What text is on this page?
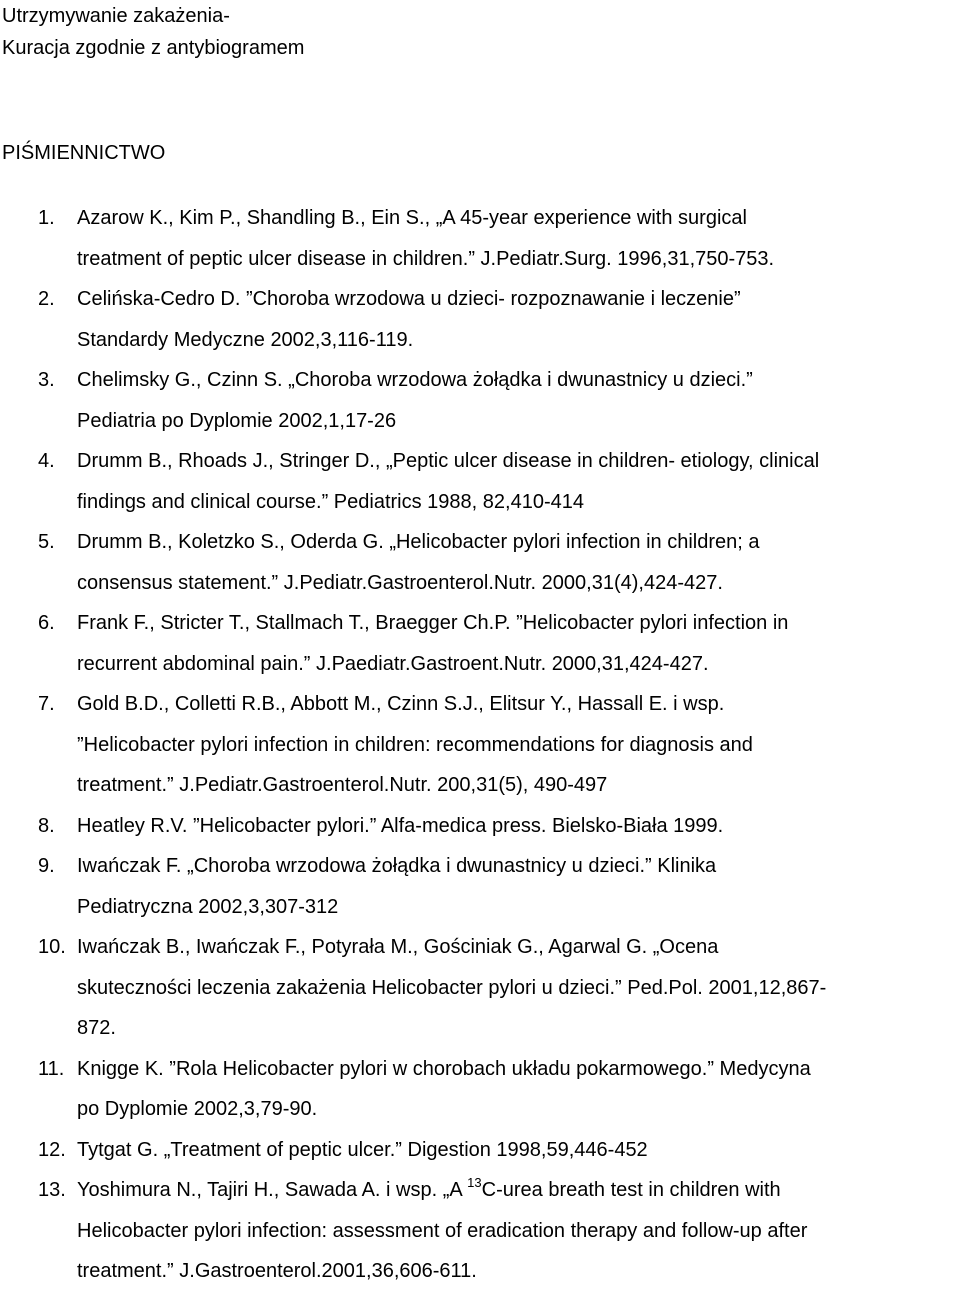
Utrzymywanie zakażenia-
Kuracja zgodnie z antybiogramem
PIŚMIENNICTWO
1. Azarow K., Kim P., Shandling B., Ein S., „A 45-year experience with surgical
treatment of peptic ulcer disease in children.” J.Pediatr.Surg. 1996,31,750-753.
2. Celińska-Cedro D. ”Choroba wrzodowa u dzieci- rozpoznawanie i leczenie”
Standardy Medyczne 2002,3,116-119.
3. Chelimsky G., Czinn S. „Choroba wrzodowa żołądka i dwunastnicy u dzieci.”
Pediatria po Dyplomie 2002,1,17-26
4. Drumm B., Rhoads J., Stringer D., „Peptic ulcer disease in children- etiology, clinical
findings and clinical course.” Pediatrics 1988, 82,410-414
5. Drumm B., Koletzko S., Oderda G. „Helicobacter pylori infection in children; a
consensus statement.” J.Pediatr.Gastroenterol.Nutr. 2000,31(4),424-427.
6. Frank F., Stricter T., Stallmach T., Braegger Ch.P. ”Helicobacter pylori infection in
recurrent abdominal pain.” J.Paediatr.Gastroent.Nutr. 2000,31,424-427.
7. Gold B.D., Colletti R.B., Abbott M., Czinn S.J., Elitsur Y., Hassall E. i wsp.
”Helicobacter pylori infection in children: recommendations for diagnosis and
treatment.” J.Pediatr.Gastroenterol.Nutr. 200,31(5), 490-497
8. Heatley R.V. ”Helicobacter pylori.” Alfa-medica press. Bielsko-Biała 1999.
9. Iwańczak F. „Choroba wrzodowa żołądka i dwunastnicy u dzieci.” Klinika
Pediatryczna 2002,3,307-312
10. Iwańczak B., Iwańczak F., Potyrała M., Gościniak G., Agarwal G. „Ocena
skuteczności leczenia zakażenia Helicobacter pylori u dzieci.” Ped.Pol. 2001,12,867-
872.
11. Knigge K. ”Rola Helicobacter pylori w chorobach układu pokarmowego.” Medycyna
po Dyplomie 2002,3,79-90.
12. Tytgat G. „Treatment of peptic ulcer.” Digestion 1998,59,446-452
13. Yoshimura N., Tajiri H., Sawada A. i wsp. „A $^{13}$C-urea breath test in children with
Helicobacter pylori infection: assessment of eradication therapy and follow-up after
treatment.” J.Gastroenterol.2001,36,606-611.
